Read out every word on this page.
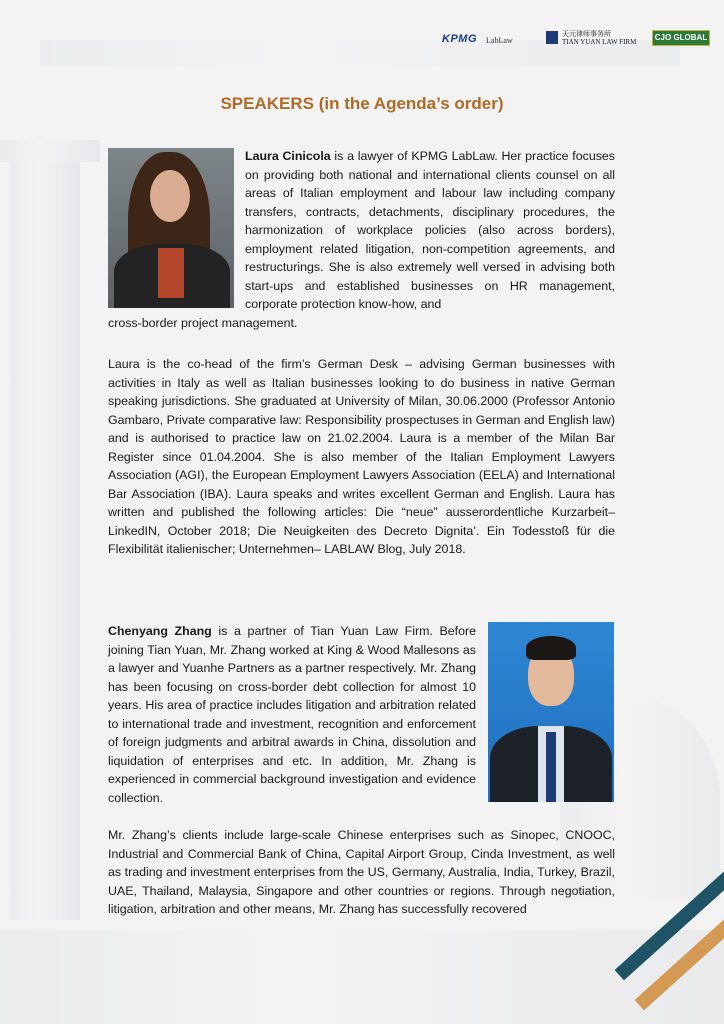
KPMG LabLaw
天元律师事务所
TIAN YUAN LAW FIRM	CJO GLOBAL
SPEAKERS (in the Agenda’s order)

Laura Cinicola is a lawyer of KPMG LabLaw. Her practice focuses on providing both national and international clients counsel on all areas of Italian employment and labour law including company transfers, contracts, detachments, disciplinary procedures, the harmonization of workplace policies (also across borders), employment related litigation, non-competition agreements, and restructurings. She is also extremely well versed in advising both start-ups and established businesses on HR management, corporate protection know-how, and

cross-border project management.

Laura is the co-head of the firm’s German Desk – advising German businesses with activities in Italy as well as Italian businesses looking to do business in native German speaking jurisdictions. She graduated at University of Milan, 30.06.2000 (Professor Antonio Gambaro, Private comparative law: Responsibility prospectuses in German and English law) and is authorised to practice law on 21.02.2004. Laura is a member of the Milan Bar Register since 01.04.2004. She is also member of the Italian Employment Lawyers Association (AGI), the European Employment Lawyers Association (EELA) and International Bar Association (IBA). Laura speaks and writes excellent German and English. Laura has written and published the following articles: Die “neue” ausserordentliche Kurzarbeit– LinkedIN, October 2018; Die Neuigkeiten des Decreto Dignita’. Ein Todesstoß für die Flexibilität italienischer; Unternehmen– LABLAW Blog, July 2018.

Chenyang Zhang is a partner of Tian Yuan Law Firm. Before joining Tian Yuan, Mr. Zhang worked at King & Wood Mallesons as a lawyer and Yuanhe Partners as a partner respectively. Mr. Zhang has been focusing on cross-border debt collection for almost 10 years. His area of practice includes litigation and arbitration related to international trade and investment, recognition and enforcement of foreign judgments and arbitral awards in China, dissolution and liquidation of enterprises and etc. In addition, Mr. Zhang is experienced in commercial background investigation and evidence collection.

Mr. Zhang’s clients include large-scale Chinese enterprises such as Sinopec, CNOOC, Industrial and Commercial Bank of China, Capital Airport Group, Cinda Investment, as well as trading and investment enterprises from the US, Germany, Australia, India, Turkey, Brazil, UAE, Thailand, Malaysia, Singapore and other countries or regions. Through negotiation, litigation, arbitration and other means, Mr. Zhang has successfully recovered
